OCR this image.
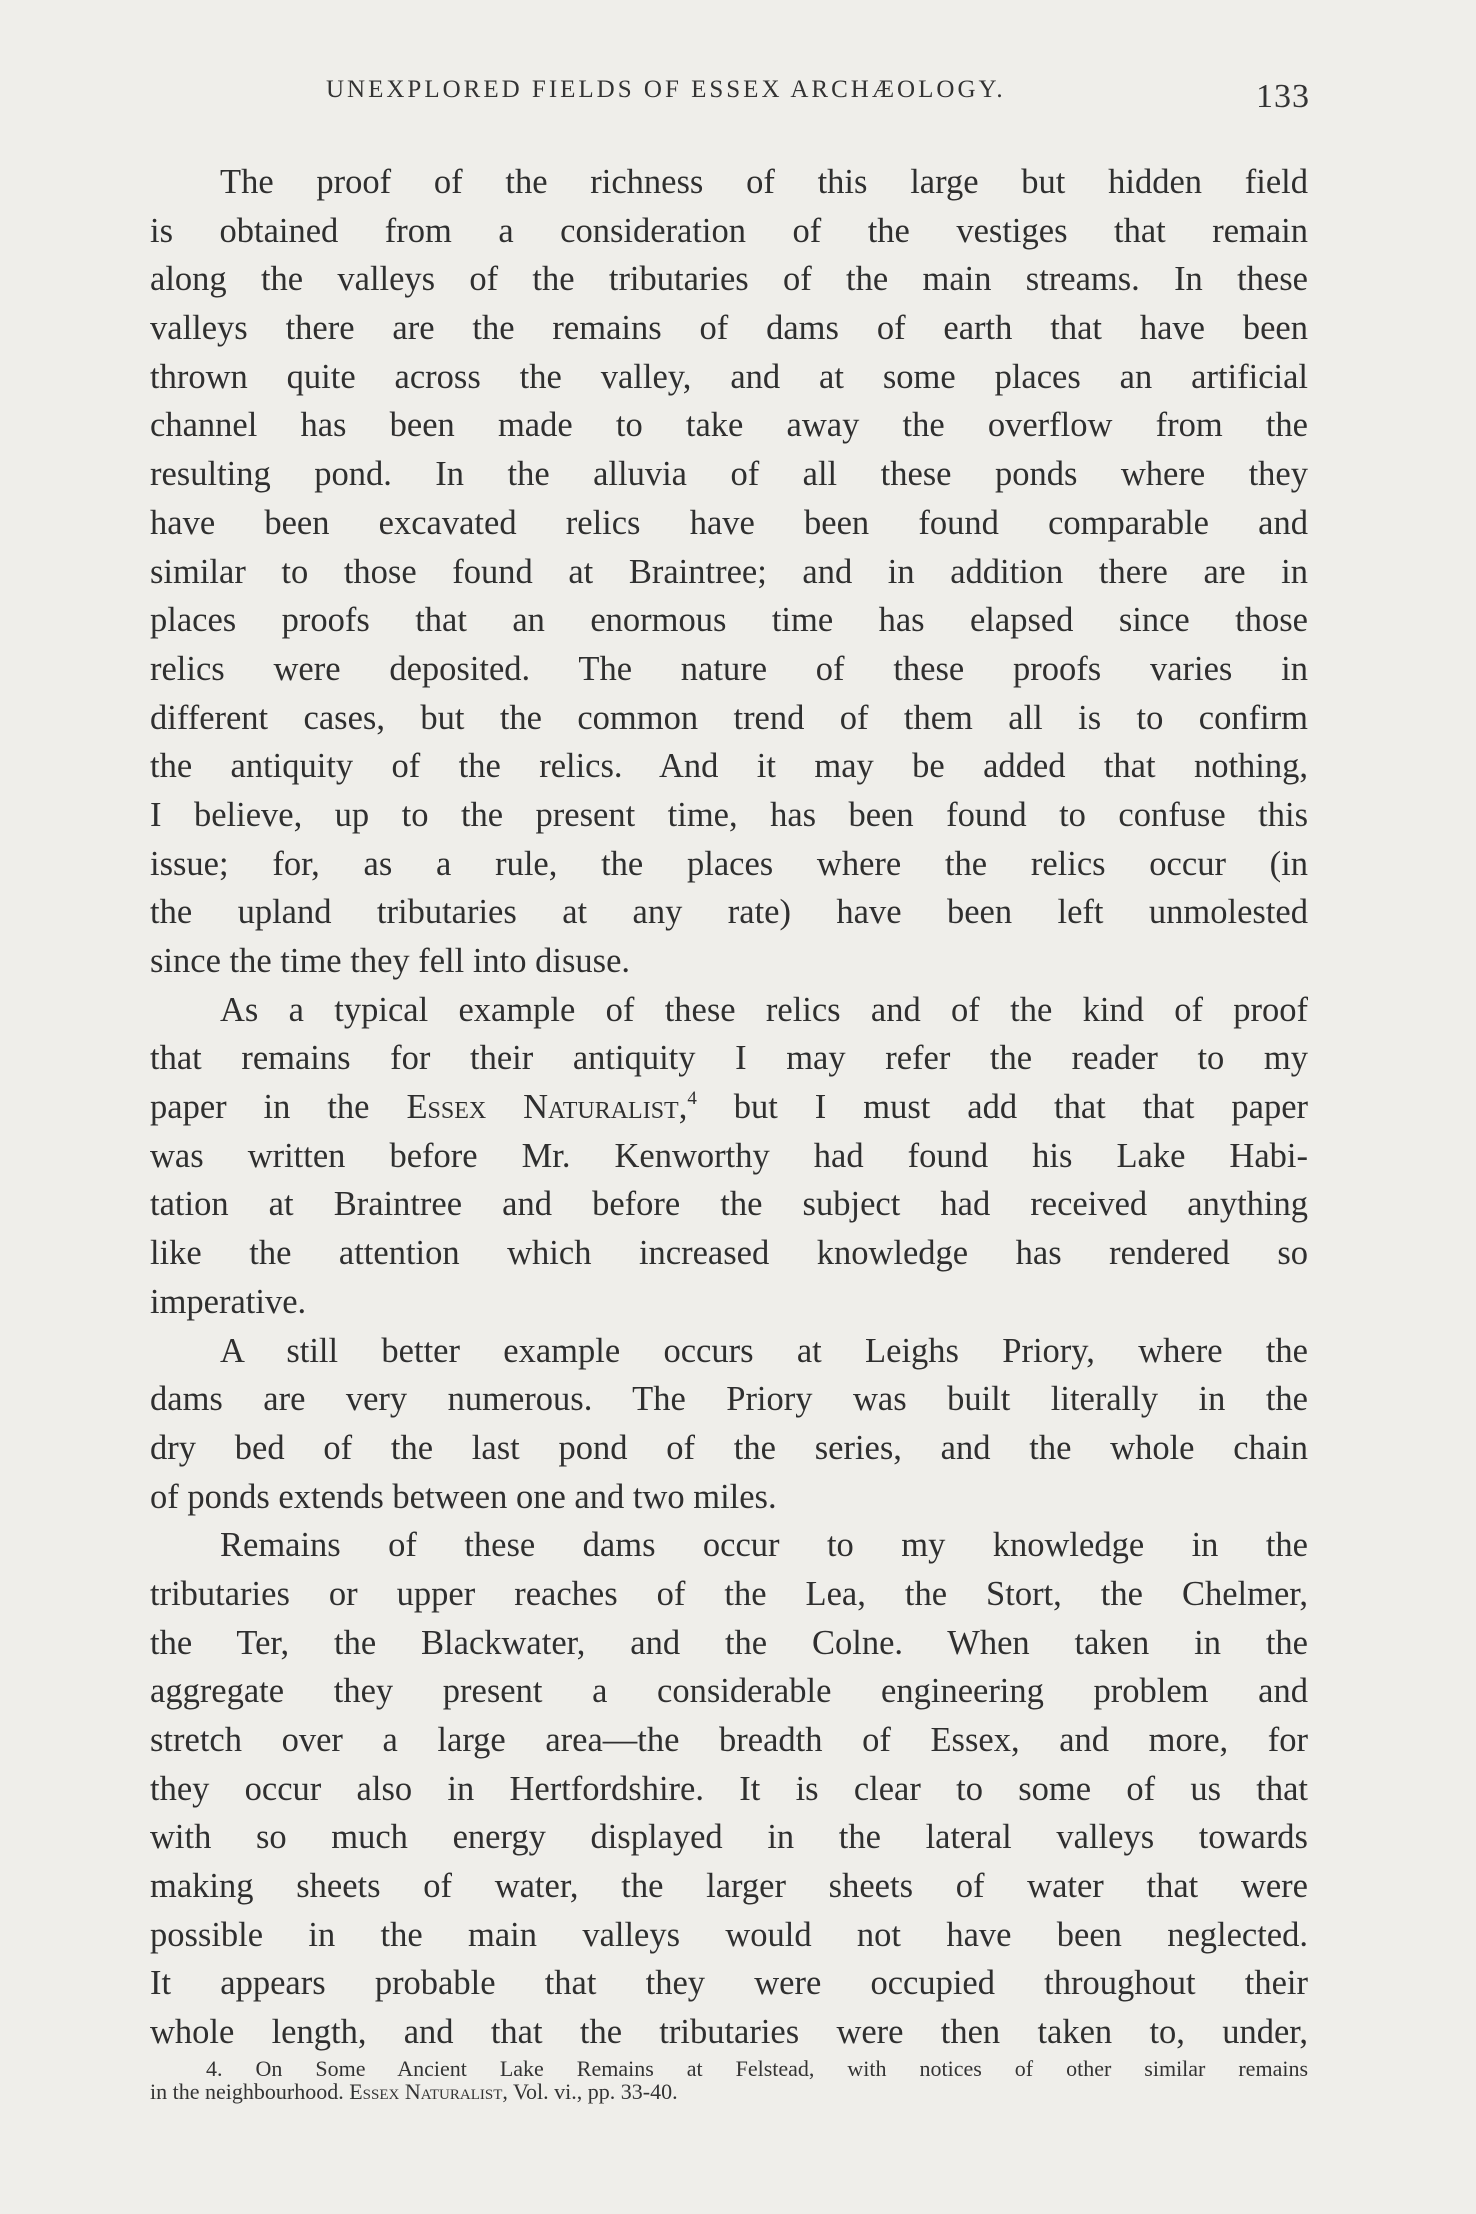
UNEXPLORED FIELDS OF ESSEX ARCHÆOLOGY.	133
The proof of the richness of this large but hidden field
is obtained from a consideration of the vestiges that remain
along the valleys of the tributaries of the main streams. In these
valleys there are the remains of dams of earth that have been
thrown quite across the valley, and at some places an artificial
channel has been made to take away the overflow from the
resulting pond. In the alluvia of all these ponds where they
have been excavated relics have been found comparable and
similar to those found at Braintree; and in addition there are in
places proofs that an enormous time has elapsed since those
relics were deposited. The nature of these proofs varies in
different cases, but the common trend of them all is to confirm
the antiquity of the relics. And it may be added that nothing,
I believe, up to the present time, has been found to confuse this
issue; for, as a rule, the places where the relics occur (in
the upland tributaries at any rate) have been left unmolested
since the time they fell into disuse.
As a typical example of these relics and of the kind of proof
that remains for their antiquity I may refer the reader to my
paper in the Essex Naturalist,$^4$ but I must add that that paper
was written before Mr. Kenworthy had found his Lake Habi-
tation at Braintree and before the subject had received anything
like the attention which increased knowledge has rendered so
imperative.
A still better example occurs at Leighs Priory, where the
dams are very numerous. The Priory was built literally in the
dry bed of the last pond of the series, and the whole chain
of ponds extends between one and two miles.
Remains of these dams occur to my knowledge in the
tributaries or upper reaches of the Lea, the Stort, the Chelmer,
the Ter, the Blackwater, and the Colne. When taken in the
aggregate they present a considerable engineering problem and
stretch over a large area—the breadth of Essex, and more, for
they occur also in Hertfordshire. It is clear to some of us that
with so much energy displayed in the lateral valleys towards
making sheets of water, the larger sheets of water that were
possible in the main valleys would not have been neglected.
It appears probable that they were occupied throughout their
whole length, and that the tributaries were then taken to, under,
4. On Some Ancient Lake Remains at Felstead, with notices of other similar remains
in the neighbourhood. Essex Naturalist, Vol. vi., pp. 33-40.
